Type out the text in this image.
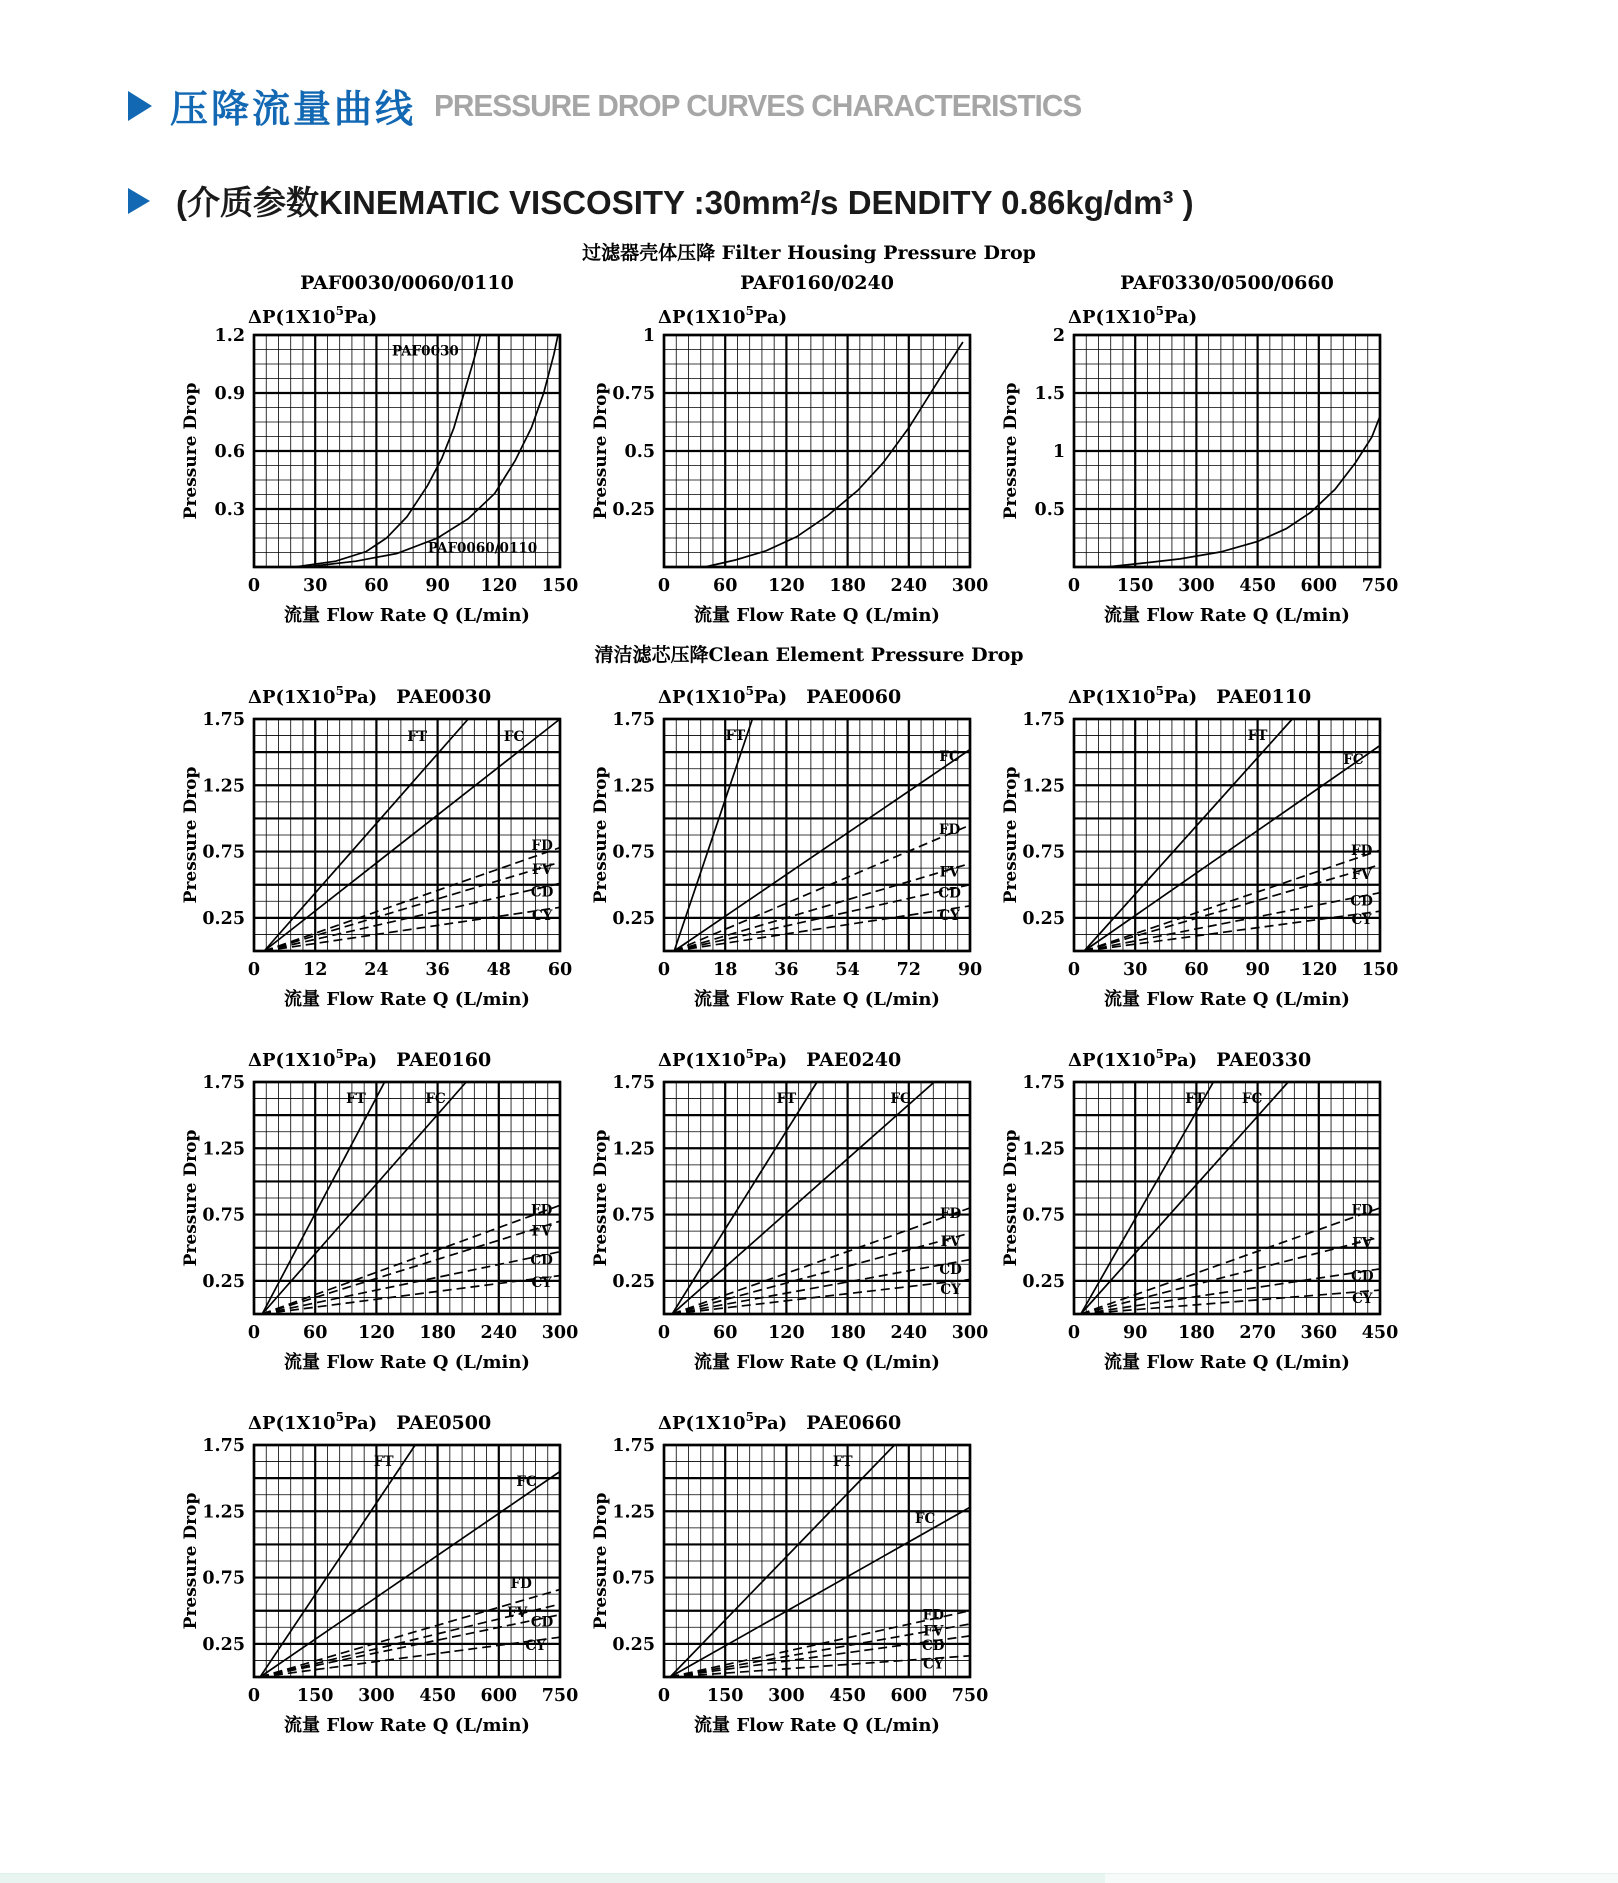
压降流量曲线 PRESSURE DROP CURVES CHARACTERISTICS
(介质参数KINEMATIC VISCOSITY :30mm²/s DENDITY 0.86kg/dm³ )
过滤器壳体压降 Filter Housing Pressure Drop
PAF0030
PAF0060/0110
PAF0030/0060/0110
$\Delta P(1X10^5Pa)$
0.3
0.6
0.9
1.2
0 30 60 90 120 150
Pressure Drop
流量 Flow Rate Q (L/min)
PAF0160/0240
$\Delta P(1X10^5Pa)$
0.25
0.5
0.75
1
0 60 120 180 240 300
Pressure Drop
流量 Flow Rate Q (L/min)
PAF0330/0500/0660
$\Delta P(1X10^5Pa)$
0.5
1
1.5
2
0 150 300 450 600 750
Pressure Drop
流量 Flow Rate Q (L/min)
清洁滤芯压降Clean Element Pressure Drop
FT	FC
FD
FV
CD
CY
PAE0030
$\Delta P(1X10^5Pa)$
0.25
0.75
1.25
1.75
0 12 24 36 48 60
Pressure Drop
流量 Flow Rate Q (L/min)
FT
FC
FD
FV
CD
CY
PAE0060
$\Delta P(1X10^5Pa)$
0.25
0.75
1.25
1.75
0 18 36 54 72 90
Pressure Drop
流量 Flow Rate Q (L/min)
FT
FC
FD
FV
CD
CY
PAE0110
$\Delta P(1X10^5Pa)$
0.25
0.75
1.25
1.75
0 30 60 90 120 150
Pressure Drop
流量 Flow Rate Q (L/min)
FT	FC
FD
FV
CD
CY
PAE0160
$\Delta P(1X10^5Pa)$
0.25
0.75
1.25
1.75
0 60 120 180 240 300
Pressure Drop
流量 Flow Rate Q (L/min)
FT	FC
FD
FV
CD
CY
PAE0240
$\Delta P(1X10^5Pa)$
0.25
0.75
1.25
1.75
0 60 120 180 240 300
Pressure Drop
流量 Flow Rate Q (L/min)
FT	FC
FD
FV
CD
CY
PAE0330
$\Delta P(1X10^5Pa)$
0.25
0.75
1.25
1.75
0 90 180 270 360 450
Pressure Drop
流量 Flow Rate Q (L/min)
FT
FC
FD
FV
CD
CY
PAE0500
$\Delta P(1X10^5Pa)$
0.25
0.75
1.25
1.75
0 150 300 450 600 750
Pressure Drop
流量 Flow Rate Q (L/min)
FT
FC
FD
FV
CD
CY
PAE0660
$\Delta P(1X10^5Pa)$
0.25
0.75
1.25
1.75
0 150 300 450 600 750
Pressure Drop
流量 Flow Rate Q (L/min)
